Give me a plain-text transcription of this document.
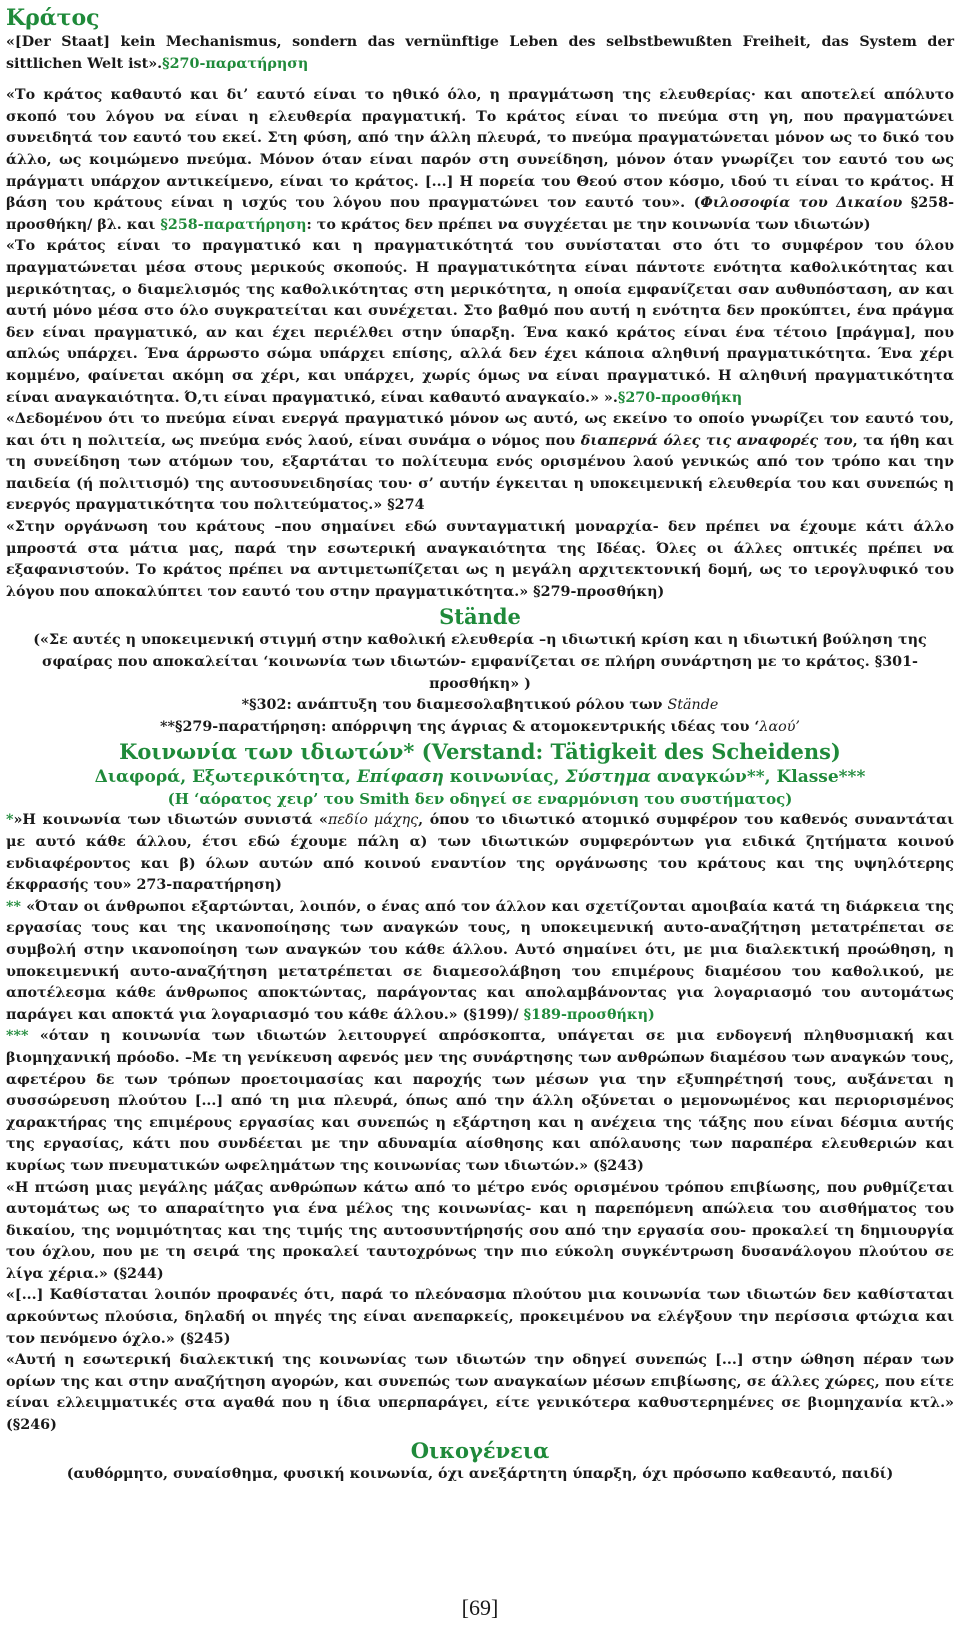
Κράτος

«[Der Staat] kein Mechanismus, sondern das vernünftige Leben des selbstbewußten Freiheit, das System der sittlichen Welt ist».§270-παρατήρηση

«Το κράτος καθαυτό και δι’ εαυτό είναι το ηθικό όλο, η πραγμάτωση της ελευθερίας· και αποτελεί απόλυτο σκοπό του λόγου να είναι η ελευθερία πραγματική. Το κράτος είναι το πνεύμα στη γη, που πραγματώνει συνειδητά τον εαυτό του εκεί. Στη φύση, από την άλλη πλευρά, το πνεύμα πραγματώνεται μόνον ως το δικό του άλλο, ως κοιμώμενο πνεύμα. Μόνον όταν είναι παρόν στη συνείδηση, μόνον όταν γνωρίζει τον εαυτό του ως πράγματι υπάρχον αντικείμενο, είναι το κράτος. [...] Η πορεία του Θεού στον κόσμο, ιδού τι είναι το κράτος. Η βάση του κράτους είναι η ισχύς του λόγου που πραγματώνει τον εαυτό του». (Φιλοσοφία του Δικαίου §258-προσθήκη/ βλ. και §258-παρατήρηση: το κράτος δεν πρέπει να συγχέεται με την κοινωνία των ιδιωτών)

«Το κράτος είναι το πραγματικό και η πραγματικότητά του συνίσταται στο ότι το συμφέρον του όλου πραγματώνεται μέσα στους μερικούς σκοπούς. Η πραγματικότητα είναι πάντοτε ενότητα καθολικότητας και μερικότητας, ο διαμελισμός της καθολικότητας στη μερικότητα, η οποία εμφανίζεται σαν αυθυπόσταση, αν και αυτή μόνο μέσα στο όλο συγκρατείται και συνέχεται. Στο βαθμό που αυτή η ενότητα δεν προκύπτει, ένα πράγμα δεν είναι πραγματικό, αν και έχει περιέλθει στην ύπαρξη. Ένα κακό κράτος είναι ένα τέτοιο [πράγμα], που απλώς υπάρχει. Ένα άρρωστο σώμα υπάρχει επίσης, αλλά δεν έχει κάποια αληθινή πραγματικότητα. Ένα χέρι κομμένο, φαίνεται ακόμη σα χέρι, και υπάρχει, χωρίς όμως να είναι πραγματικό. Η αληθινή πραγματικότητα είναι αναγκαιότητα. Ό,τι είναι πραγματικό, είναι καθαυτό αναγκαίο.» ».§270-προσθήκη

«Δεδομένου ότι το πνεύμα είναι ενεργά πραγματικό μόνον ως αυτό, ως εκείνο το οποίο γνωρίζει τον εαυτό του, και ότι η πολιτεία, ως πνεύμα ενός λαού, είναι συνάμα ο νόμος που διαπερνά όλες τις αναφορές του, τα ήθη και τη συνείδηση των ατόμων του, εξαρτάται το πολίτευμα ενός ορισμένου λαού γενικώς από τον τρόπο και την παιδεία (ή πολιτισμό) της αυτοσυνειδησίας του· σ’ αυτήν έγκειται η υποκειμενική ελευθερία του και συνεπώς η ενεργός πραγματικότητα του πολιτεύματος.» §274

«Στην οργάνωση του κράτους –που σημαίνει εδώ συνταγματική μοναρχία- δεν πρέπει να έχουμε κάτι άλλο μπροστά στα μάτια μας, παρά την εσωτερική αναγκαιότητα της Ιδέας. Όλες οι άλλες οπτικές πρέπει να εξαφανιστούν. Το κράτος πρέπει να αντιμετωπίζεται ως η μεγάλη αρχιτεκτονική δομή, ως το ιερογλυφικό του λόγου που αποκαλύπτει τον εαυτό του στην πραγματικότητα.» §279-προσθήκη)

Stände

(«Σε αυτές η υποκειμενική στιγμή στην καθολική ελευθερία –η ιδιωτική κρίση και η ιδιωτική βούληση της σφαίρας που αποκαλείται ‘κοινωνία των ιδιωτών- εμφανίζεται σε πλήρη συνάρτηση με το κράτος. §301-προσθήκη» )

*§302: ανάπτυξη του διαμεσολαβητικού ρόλου των Stände

**§279-παρατήρηση: απόρριψη της άγριας & ατομοκεντρικής ιδέας του ‘λαού’

Κοινωνία των ιδιωτών* (Verstand: Tätigkeit des Scheidens)
Διαφορά, Εξωτερικότητα, Επίφαση κοινωνίας, Σύστημα αναγκών**, Klasse***
(Η ‘αόρατος χειρ’ του Smith δεν οδηγεί σε εναρμόνιση του συστήματος)

*»Η κοινωνία των ιδιωτών συνιστά «πεδίο μάχης, όπου το ιδιωτικό ατομικό συμφέρον του καθενός συναντάται με αυτό κάθε άλλου, έτσι εδώ έχουμε πάλη α) των ιδιωτικών συμφερόντων για ειδικά ζητήματα κοινού ενδιαφέροντος και β) όλων αυτών από κοινού εναντίον της οργάνωσης του κράτους και της υψηλότερης έκφρασής του» 273-παρατήρηση)

** «Όταν οι άνθρωποι εξαρτώνται, λοιπόν, ο ένας από τον άλλον και σχετίζονται αμοιβαία κατά τη διάρκεια της εργασίας τους και της ικανοποίησης των αναγκών τους, η υποκειμενική αυτο-αναζήτηση μετατρέπεται σε συμβολή στην ικανοποίηση των αναγκών του κάθε άλλου. Αυτό σημαίνει ότι, με μια διαλεκτική προώθηση, η υποκειμενική αυτο-αναζήτηση μετατρέπεται σε διαμεσολάβηση του επιμέρους διαμέσου του καθολικού, με αποτέλεσμα κάθε άνθρωπος αποκτώντας, παράγοντας και απολαμβάνοντας για λογαριασμό του αυτομάτως παράγει και αποκτά για λογαριασμό του κάθε άλλου.» (§199)/ §189-προσθήκη)

*** «όταν η κοινωνία των ιδιωτών λειτουργεί απρόσκοπτα, υπάγεται σε μια ενδογενή πληθυσμιακή και βιομηχανική πρόοδο. –Με τη γενίκευση αφενός μεν της συνάρτησης των ανθρώπων διαμέσου των αναγκών τους, αφετέρου δε των τρόπων προετοιμασίας και παροχής των μέσων για την εξυπηρέτησή τους, αυξάνεται η συσσώρευση πλούτου [...] από τη μια πλευρά, όπως από την άλλη οξύνεται ο μεμονωμένος και περιορισμένος χαρακτήρας της επιμέρους εργασίας και συνεπώς η εξάρτηση και η ανέχεια της τάξης που είναι δέσμια αυτής της εργασίας, κάτι που συνδέεται με την αδυναμία αίσθησης και απόλαυσης των παραπέρα ελευθεριών και κυρίως των πνευματικών ωφελημάτων της κοινωνίας των ιδιωτών.» (§243)

«Η πτώση μιας μεγάλης μάζας ανθρώπων κάτω από το μέτρο ενός ορισμένου τρόπου επιβίωσης, που ρυθμίζεται αυτομάτως ως το απαραίτητο για ένα μέλος της κοινωνίας- και η παρεπόμενη απώλεια του αισθήματος του δικαίου, της νομιμότητας και της τιμής της αυτοσυντήρησής σου από την εργασία σου- προκαλεί τη δημιουργία του όχλου, που με τη σειρά της προκαλεί ταυτοχρόνως την πιο εύκολη συγκέντρωση δυσανάλογου πλούτου σε λίγα χέρια.» (§244)

«[...] Καθίσταται λοιπόν προφανές ότι, παρά το πλεόνασμα πλούτου μια κοινωνία των ιδιωτών δεν καθίσταται αρκούντως πλούσια, δηλαδή οι πηγές της είναι ανεπαρκείς, προκειμένου να ελέγξουν την περίσσια φτώχια και τον πενόμενο όχλο.» (§245)

«Αυτή η εσωτερική διαλεκτική της κοινωνίας των ιδιωτών την οδηγεί συνεπώς [...] στην ώθηση πέραν των ορίων της και στην αναζήτηση αγορών, και συνεπώς των αναγκαίων μέσων επιβίωσης, σε άλλες χώρες, που είτε είναι ελλειμματικές στα αγαθά που η ίδια υπερπαράγει, είτε γενικότερα καθυστερημένες σε βιομηχανία κτλ.» (§246)

Οικογένεια

(αυθόρμητο, συναίσθημα, φυσική κοινωνία, όχι ανεξάρτητη ύπαρξη, όχι πρόσωπο καθεαυτό, παιδί)

[69]
